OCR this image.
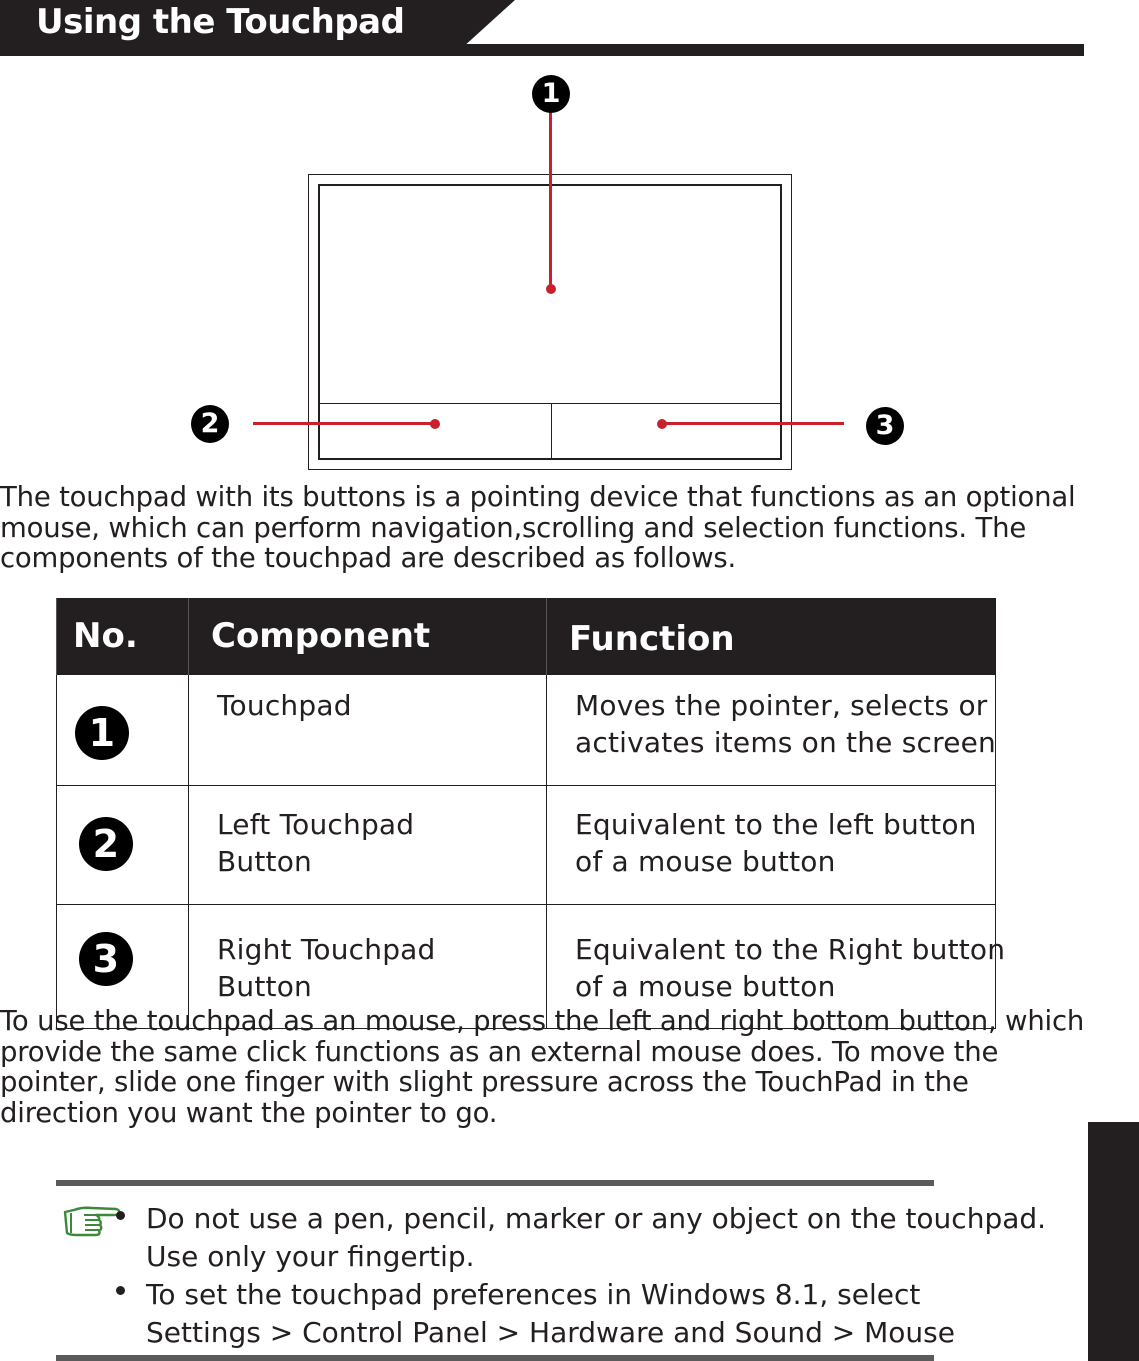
Using the Touchpad
1
2	3

The touchpad with its buttons is a pointing device that functions as an optional
mouse, which can perform navigation,scrolling and selection functions. The
components of the touchpad are described as follows.

No.	Component	Function

1	Touchpad	Moves the pointer, selects or
activates items on the screen

2	Left Touchpad
Button	Equivalent to the left button
of a mouse button

3	Right Touchpad
Button	Equivalent to the Right button
of a mouse button

To use the touchpad as an mouse, press the left and right bottom button, which
provide the same click functions as an external mouse does. To move the
pointer, slide one finger with slight pressure across the TouchPad in the
direction you want the pointer to go.

Do not use a pen, pencil, marker or any object on the touchpad.
Use only your fingertip.
To set the touchpad preferences in Windows 8.1, select
Settings > Control Panel > Hardware and Sound > Mouse
